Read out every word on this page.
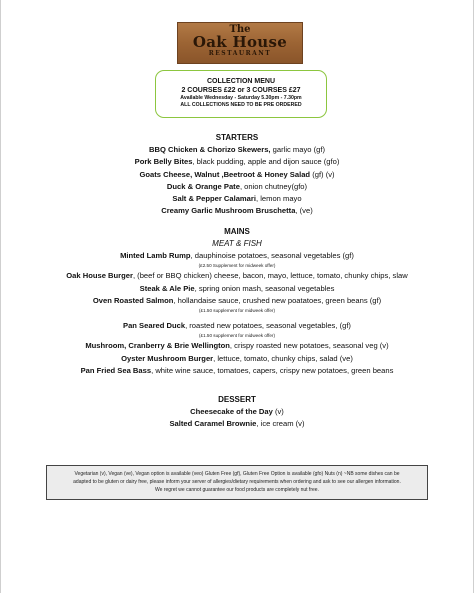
The
Oak House
RESTAURANT
COLLECTION MENU
2 COURSES £22 or 3 COURSES £27
Available Wednesday - Saturday 5.30pm - 7.30pm
ALL COLLECTIONS NEED TO BE PRE ORDERED
STARTERS
BBQ Chicken & Chorizo Skewers, garlic mayo (gf)
Pork Belly Bites, black pudding, apple and dijon sauce (gfo)
Goats Cheese, Walnut ,Beetroot & Honey Salad (gf) (v)
Duck & Orange Pate, onion chutney(gfo)
Salt & Pepper Calamari, lemon mayo
Creamy Garlic Mushroom Bruschetta, (ve)
MAINS
MEAT & FISH
Minted Lamb Rump, dauphinoise potatoes, seasonal vegetables (gf)
(£2.50 Supplement for midweek offer)
Oak House Burger, (beef or BBQ chicken) cheese, bacon, mayo, lettuce, tomato, chunky chips, slaw
Steak & Ale Pie, spring onion mash, seasonal vegetables
Oven Roasted Salmon, hollandaise sauce, crushed new poatatoes, green beans (gf)
(£1.50 supplement for midweek offer)
Pan Seared Duck, roasted new potatoes, seasonal vegetables, (gf)
(£1.50 supplement for midweek offer)
Mushroom, Cranberry & Brie Wellington, crispy roasted new potatoes, seasonal veg (v)
Oyster Mushroom Burger, lettuce, tomato, chunky chips, salad (ve)
Pan Fried Sea Bass, white wine sauce, tomatoes, capers, crispy new potatoes, green beans
DESSERT
Cheesecake of the Day (v)
Salted Caramel Brownie, ice cream (v)
Vegetarian (v), Vegan (ve), Vegan option is available (veo) Gluten Free (gf), Gluten Free Option is available (gfo) Nuts (n) ~NB some dishes can be
adapted to be gluten or dairy free, please inform your server of allergies/dietary requirements when ordering and ask to see our allergen information.
We regret we cannot guarantee our food products are completely nut free.
